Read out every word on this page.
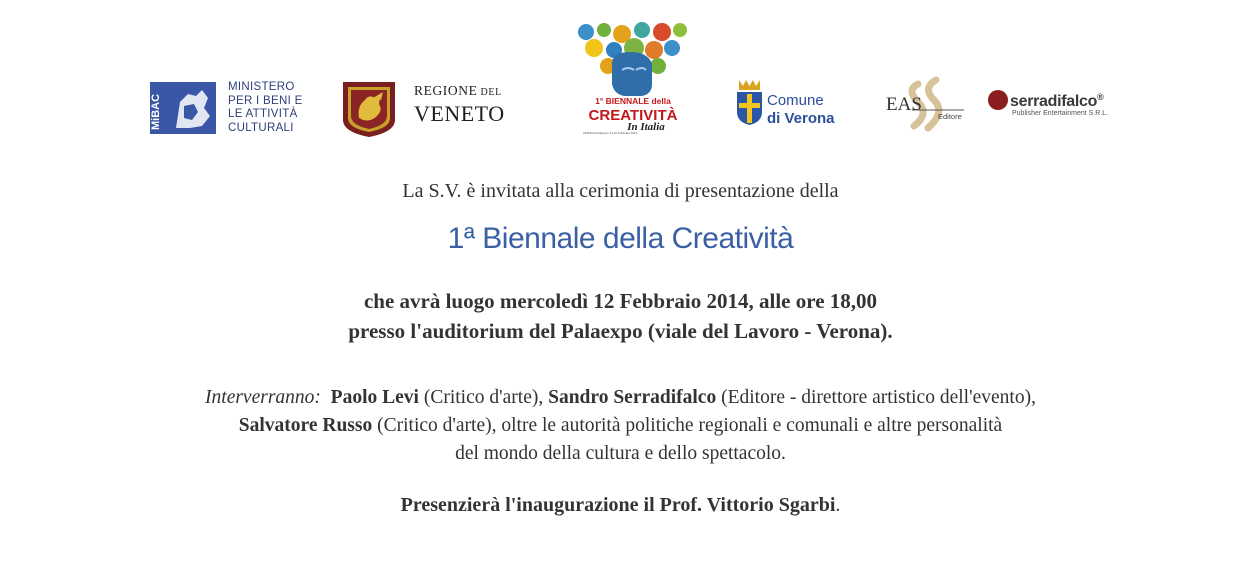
MiBAC
MINISTERO
PER I BENI E
LE ATTIVITÀ
CULTURALI
REGIONE DEL
VENETO	1° BIENNALE della
CREATIVITÀ
In Italia
VERONA Palaexpo 14-16 Febbraio 2014
Comune
di Verona
EAS
Editore
serradifalco®
Publisher Entertainment S.R.L.
La S.V. è invitata alla cerimonia di presentazione della
1ª Biennale della Creatività
che avrà luogo mercoledì 12 Febbraio 2014, alle ore 18,00
presso l'auditorium del Palaexpo (viale del Lavoro - Verona).
Interverranno: Paolo Levi (Critico d'arte), Sandro Serradifalco (Editore - direttore artistico dell'evento),
Salvatore Russo (Critico d'arte), oltre le autorità politiche regionali e comunali e altre personalità
del mondo della cultura e dello spettacolo.
Presenzierà l'inaugurazione il Prof. Vittorio Sgarbi.
